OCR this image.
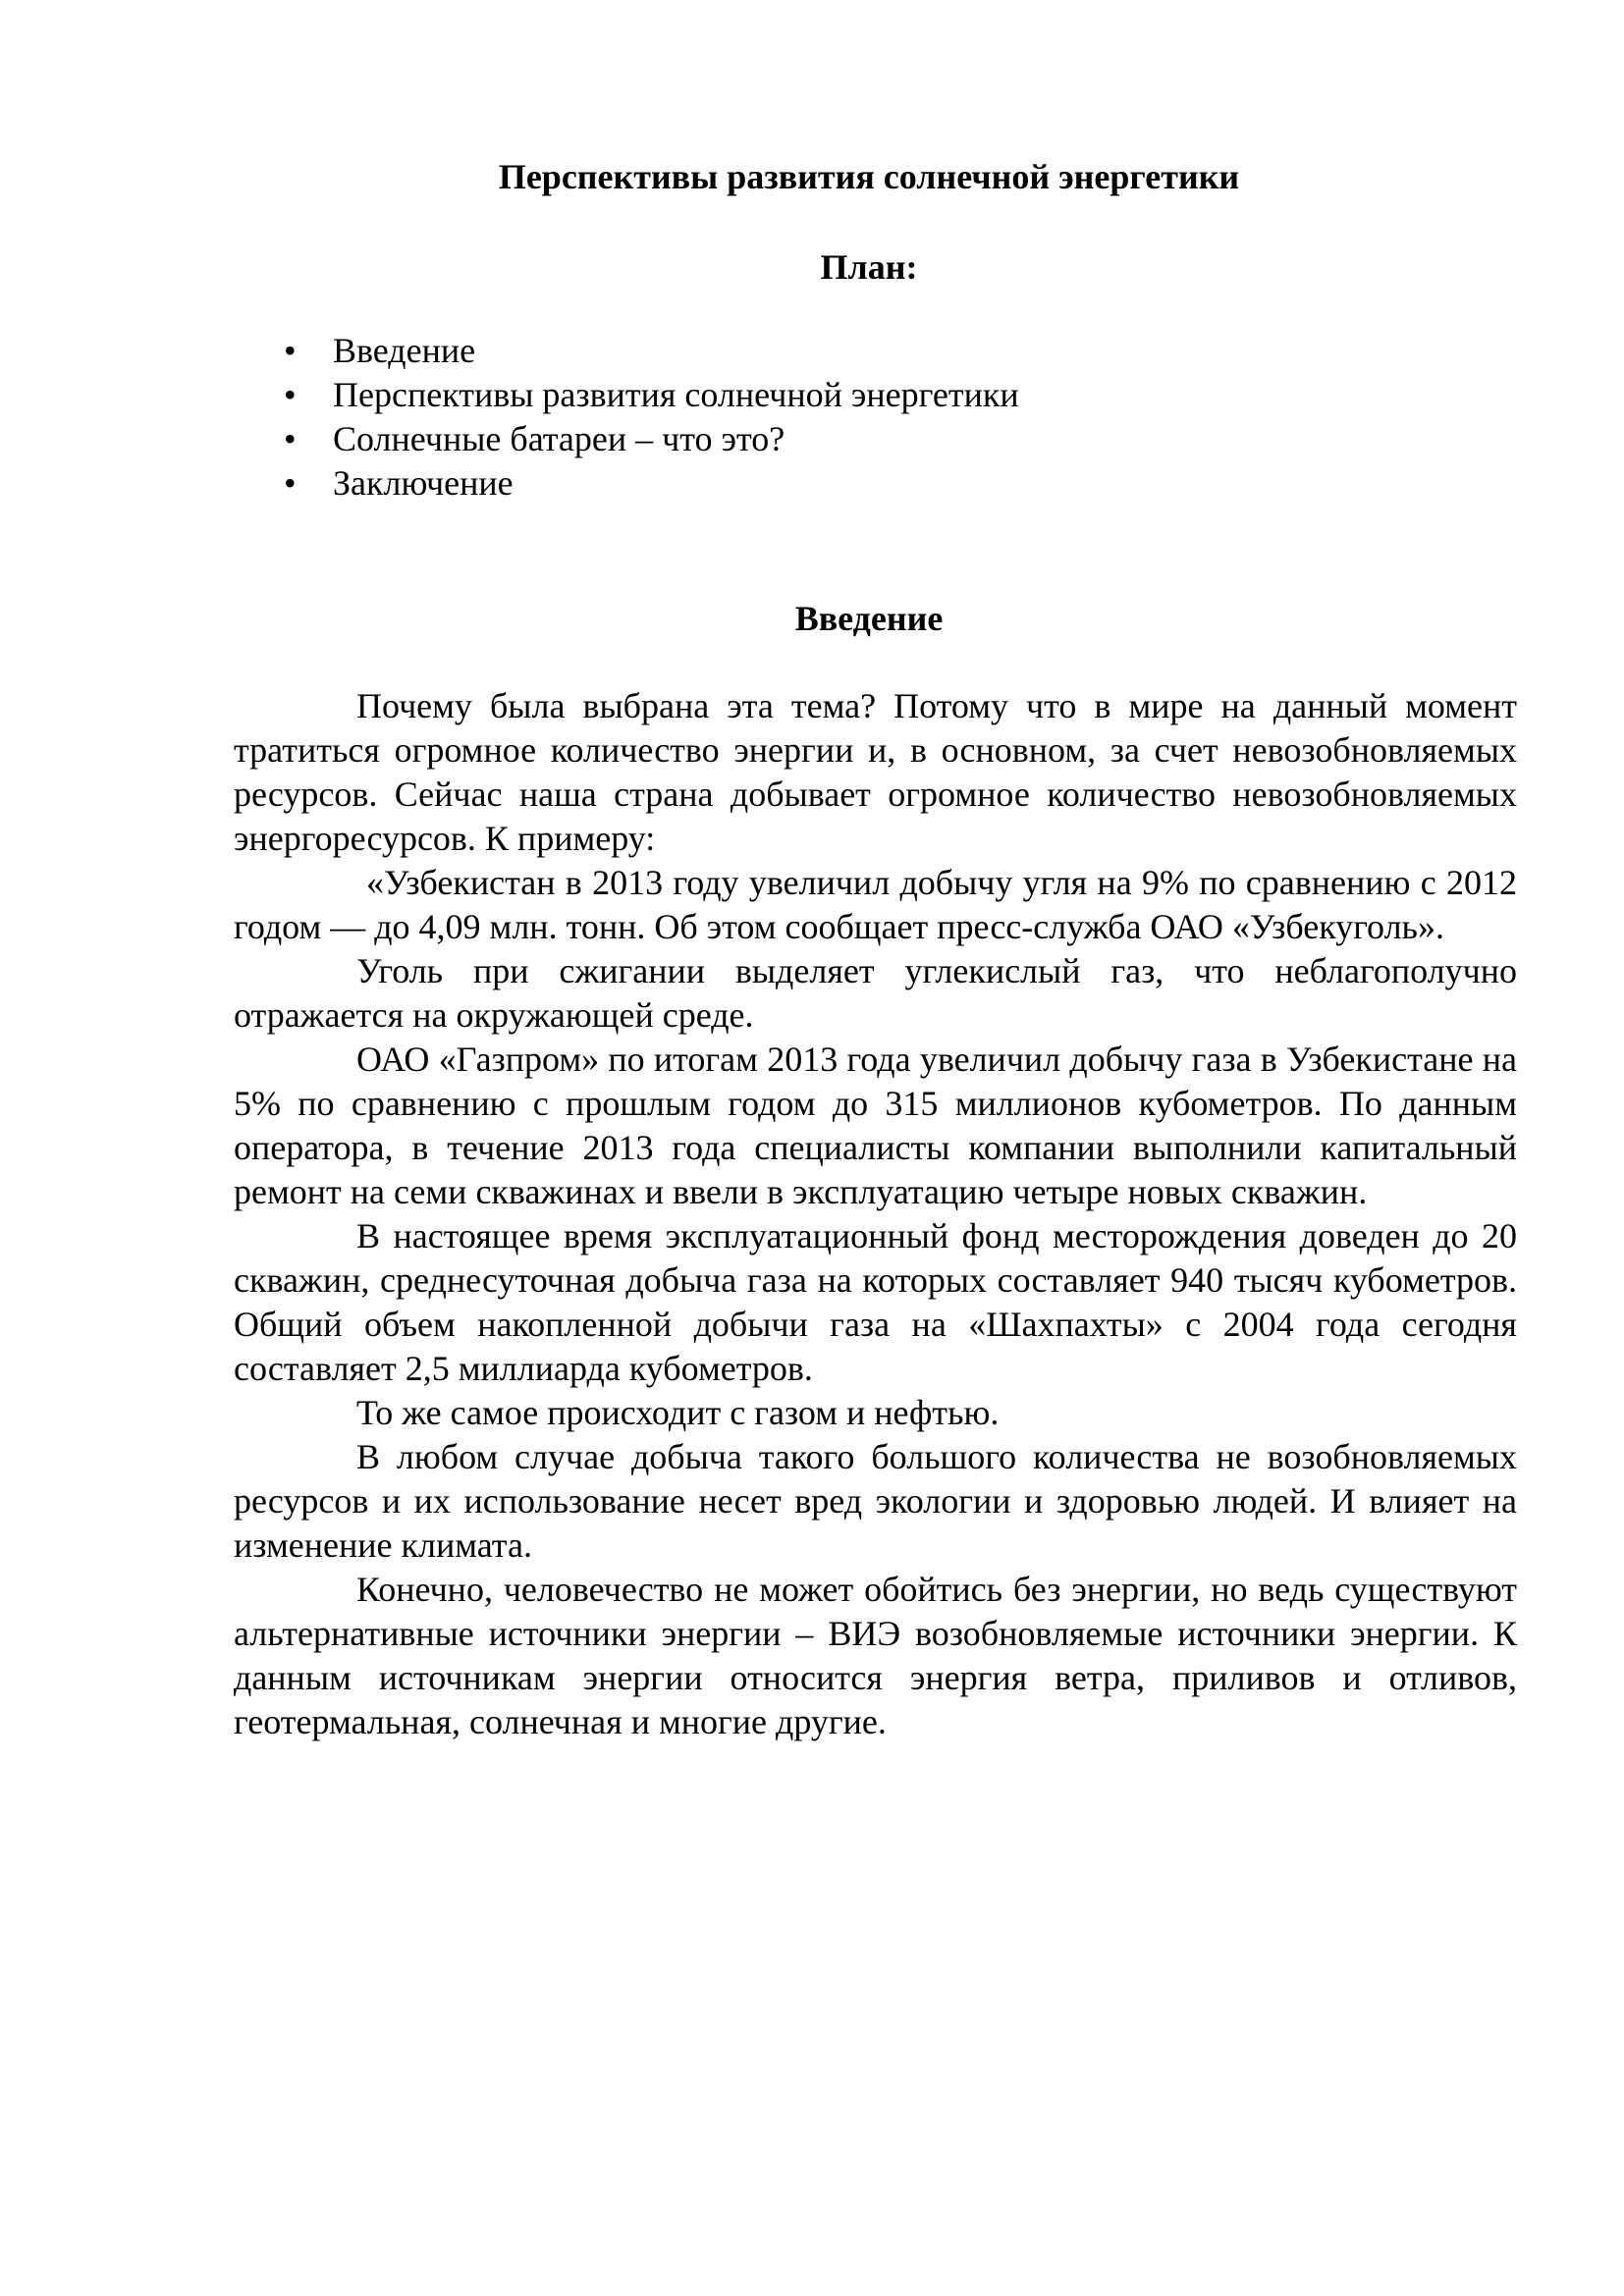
Перспективы развития солнечной энергетики
План:
• Введение
• Перспективы развития солнечной энергетики
• Солнечные батареи – что это?
• Заключение
Введение

Почему была выбрана эта тема? Потому что в мире на данный момент тратиться огромное количество энергии и, в основном, за счет невозобновляемых ресурсов. Сейчас наша страна добывает огромное количество невозобновляемых энергоресурсов. К примеру:

«Узбекистан в 2013 году увеличил добычу угля на 9% по сравнению с 2012 годом — до 4,09 млн. тонн. Об этом сообщает пресс-служба ОАО «Узбекуголь».

Уголь при сжигании выделяет углекислый газ, что неблагополучно отражается на окружающей среде.

ОАО «Газпром» по итогам 2013 года увеличил добычу газа в Узбекистане на 5% по сравнению с прошлым годом до 315 миллионов кубометров. По данным оператора, в течение 2013 года специалисты компании выполнили капитальный ремонт на семи скважинах и ввели в эксплуатацию четыре новых скважин.

В настоящее время эксплуатационный фонд месторождения доведен до 20 скважин, среднесуточная добыча газа на которых составляет 940 тысяч кубометров. Общий объем накопленной добычи газа на «Шахпахты» с 2004 года сегодня составляет 2,5 миллиарда кубометров.

То же самое происходит с газом и нефтью.

В любом случае добыча такого большого количества не возобновляемых ресурсов и их использование несет вред экологии и здоровью людей. И влияет на изменение климата.

Конечно, человечество не может обойтись без энергии, но ведь существуют альтернативные источники энергии – ВИЭ возобновляемые источники энергии. К данным источникам энергии относится энергия ветра, приливов и отливов, геотермальная, солнечная и многие другие.
